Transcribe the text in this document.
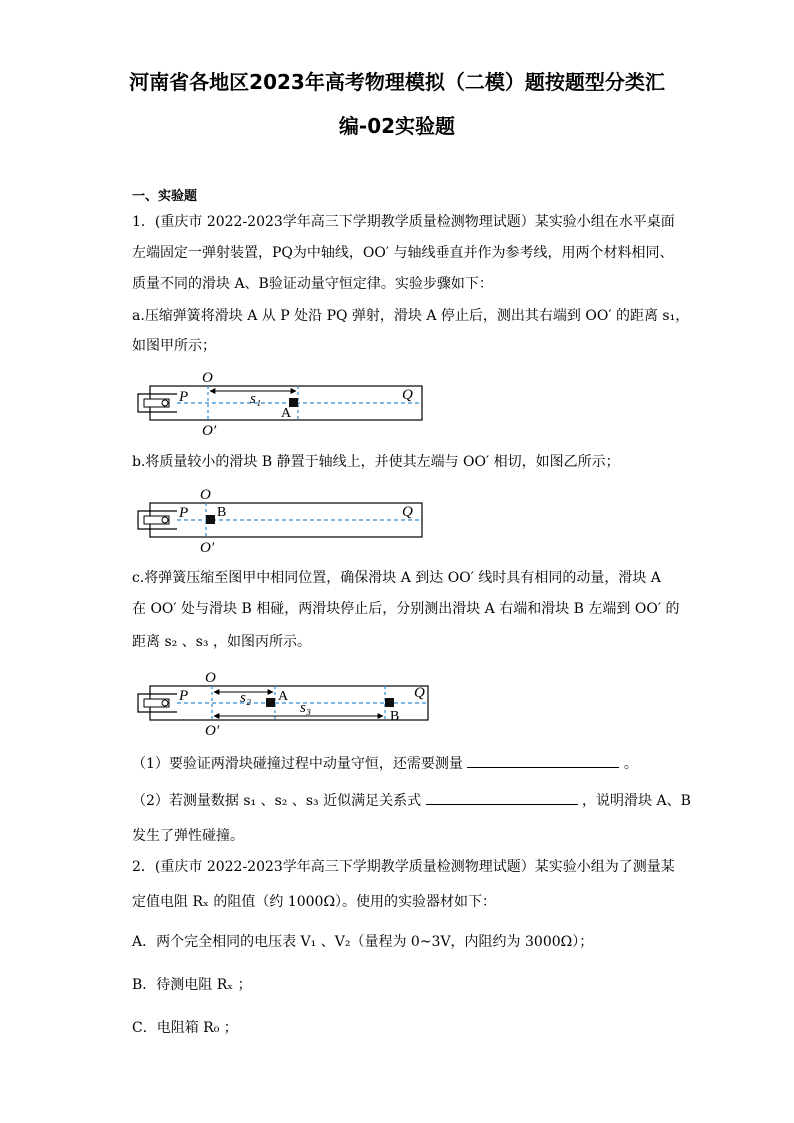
河南省各地区2023年高考物理模拟（二模）题按题型分类汇
编-02实验题
一、实验题
1．(重庆市 2022-2023学年高三下学期教学质量检测物理试题）某实验小组在水平桌面
左端固定一弹射装置，PQ为中轴线，OO′ 与轴线垂直并作为参考线，用两个材料相同、
质量不同的滑块 A、B验证动量守恒定律。实验步骤如下：
a.压缩弹簧将滑块 A 从 P 处沿 PQ 弹射，滑块 A 停止后，测出其右端到 OO′ 的距离 s₁，
如图甲所示；
b.将质量较小的滑块 B 静置于轴线上，并使其左端与 OO′ 相切，如图乙所示；
c.将弹簧压缩至图甲中相同位置，确保滑块 A 到达 OO′ 线时具有相同的动量，滑块 A
在 OO′ 处与滑块 B 相碰，两滑块停止后，分别测出滑块 A 右端和滑块 B 左端到 OO′ 的
距离 s₂ 、s₃ ，如图丙所示。
（1）要验证两滑块碰撞过程中动量守恒，还需要测量	。
（2）若测量数据 s₁ 、s₂ 、s₃ 近似满足关系式	，说明滑块 A、B
发生了弹性碰撞。
2．(重庆市 2022-2023学年高三下学期教学质量检测物理试题）某实验小组为了测量某
定值电阻 Rₓ 的阻值（约 1000Ω）。使用的实验器材如下：
A．两个完全相同的电压表 V₁ 、V₂（量程为 0~3V，内阻约为 3000Ω）；
B．待测电阻 Rₓ ；
C．电阻箱 R₀ ；
O
O′
P	Q
s₁
A
O
O′
P	Q
B
O
O′
P	Q
s₂
s₃
A
B
